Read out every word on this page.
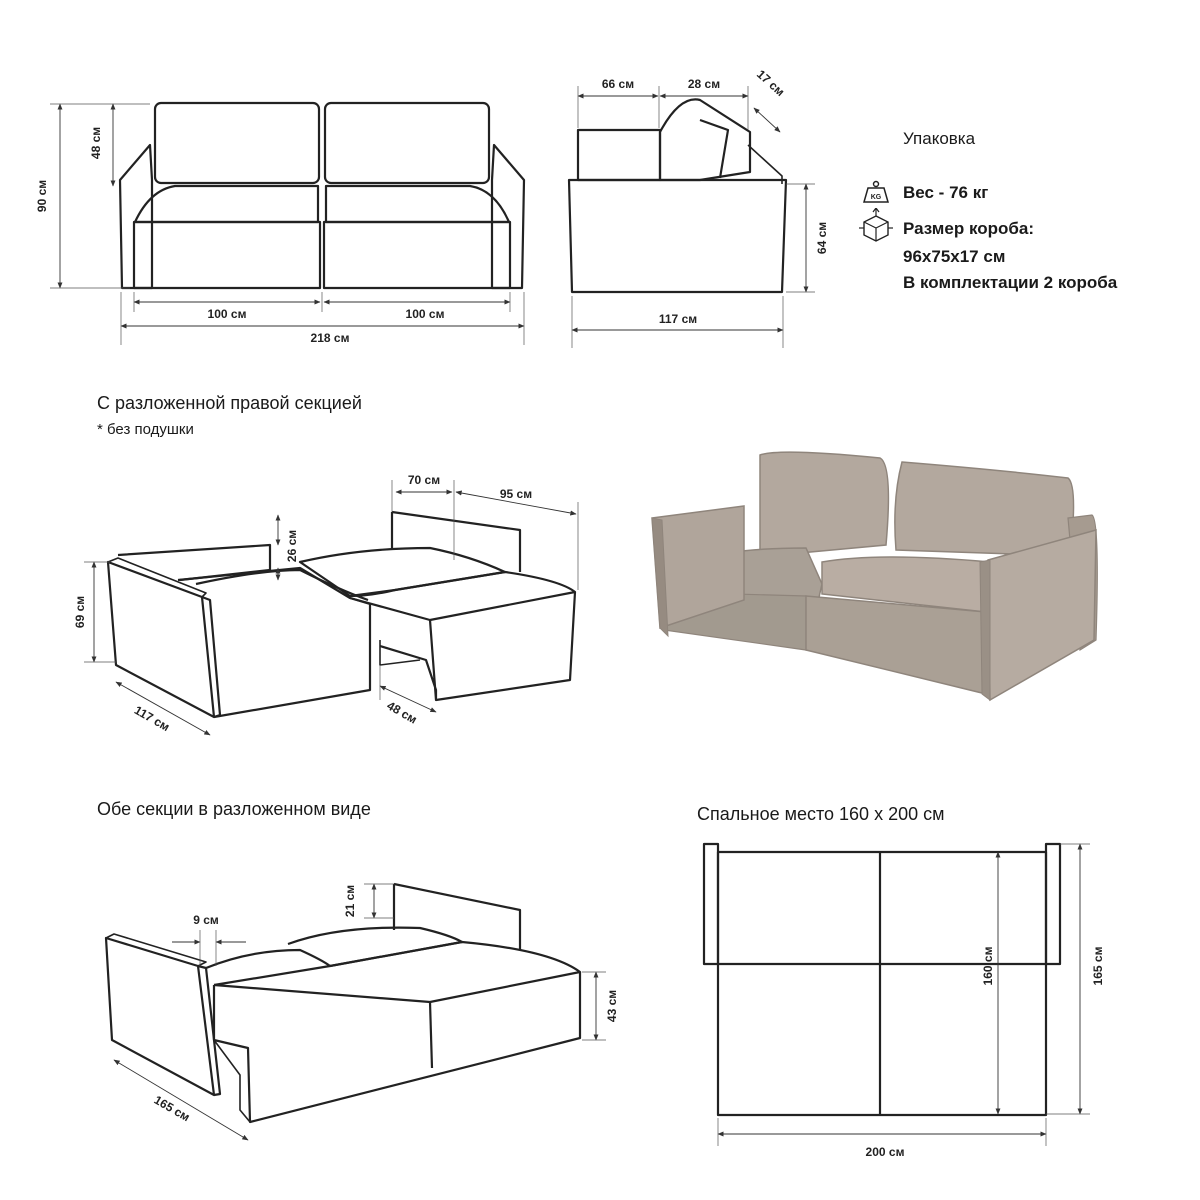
90 см
48 см
100 см	100 см
218 см
66 см	28 см	17 см
64 см
117 см
70 см
95 см
26 см
69 см
117 см	48 см
9 см
21 см
43 см
165 см
160 см	165 см
200 см
Упаковка
KG Вес - 76 кг
Размер короба:
96х75х17 см
В комплектации 2 короба
С разложенной правой секцией
* без подушки
Обе секции в разложенном виде	Спальное место 160 х 200 см
